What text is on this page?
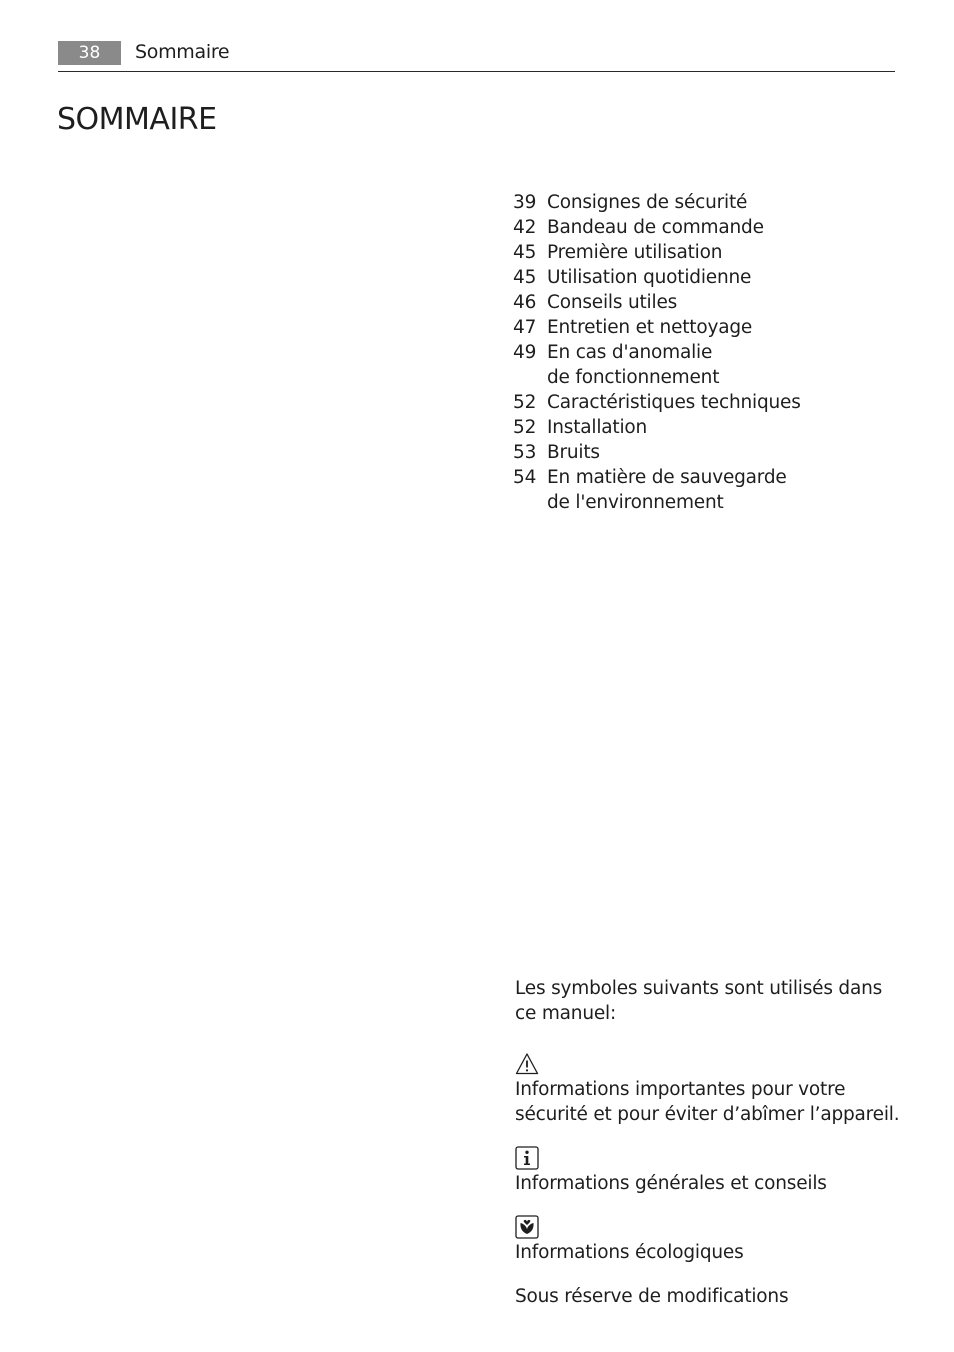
38	Sommaire
SOMMAIRE
39 Consignes de sécurité
42 Bandeau de commande
45 Première utilisation
45 Utilisation quotidienne
46 Conseils utiles
47 Entretien et nettoyage
49 En cas d'anomalie de fonctionnement
52 Caractéristiques techniques
52 Installation
53 Bruits
54 En matière de sauvegarde de l'environnement

Les symboles suivants sont utilisés dans ce manuel:

Informations importantes pour votre sécurité et pour éviter d’abîmer l’appareil.

Informations générales et conseils

Informations écologiques

Sous réserve de modifications
